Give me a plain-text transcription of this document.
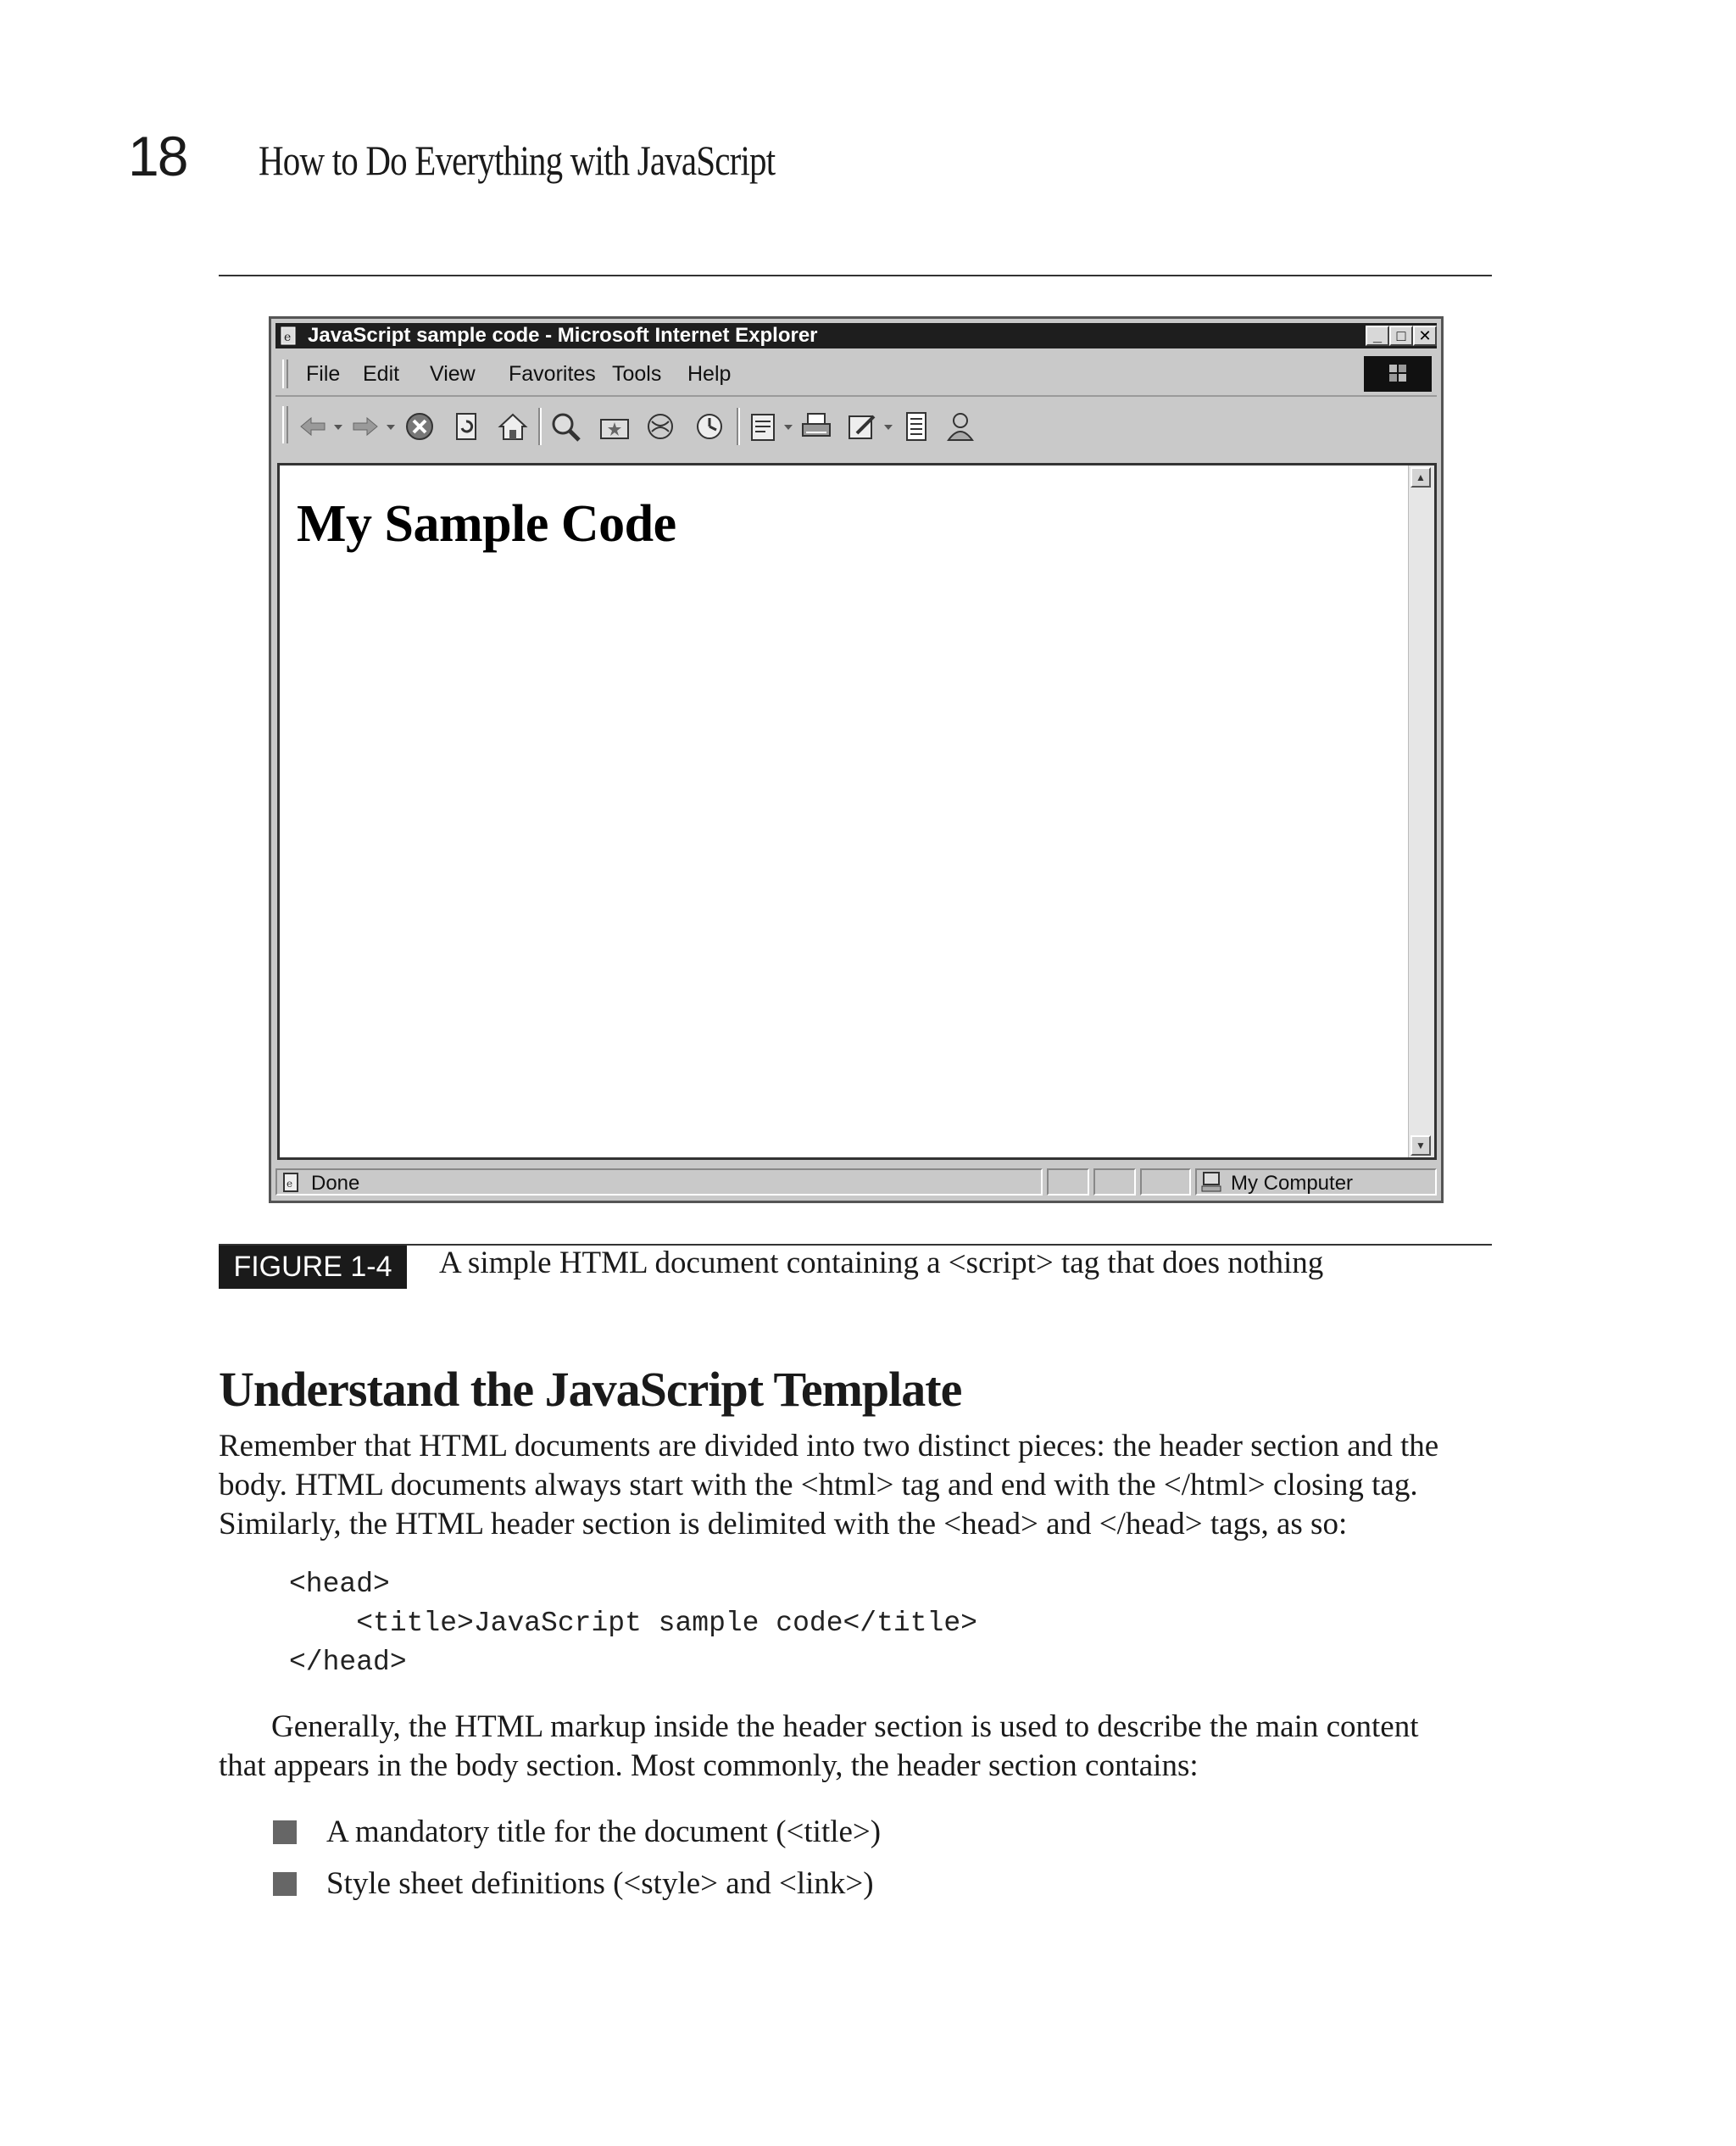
18 How to Do Everything with JavaScript
e JavaScript sample code - Microsoft Internet Explorer	_ □ ✕
File Edit View Favorites Tools Help
My Sample Code
▲
▼
e Done	My Computer
FIGURE 1-4	A simple HTML document containing a <script> tag that does nothing
Understand the JavaScript Template
Remember that HTML documents are divided into two distinct pieces: the header section and the
body. HTML documents always start with the <html> tag and end with the </html> closing tag.
Similarly, the HTML header section is delimited with the <head> and </head> tags, as so:
<head>
<title>JavaScript sample code</title>
</head>
Generally, the HTML markup inside the header section is used to describe the main content
that appears in the body section. Most commonly, the header section contains:
A mandatory title for the document (<title>)
Style sheet definitions (<style> and <link>)
